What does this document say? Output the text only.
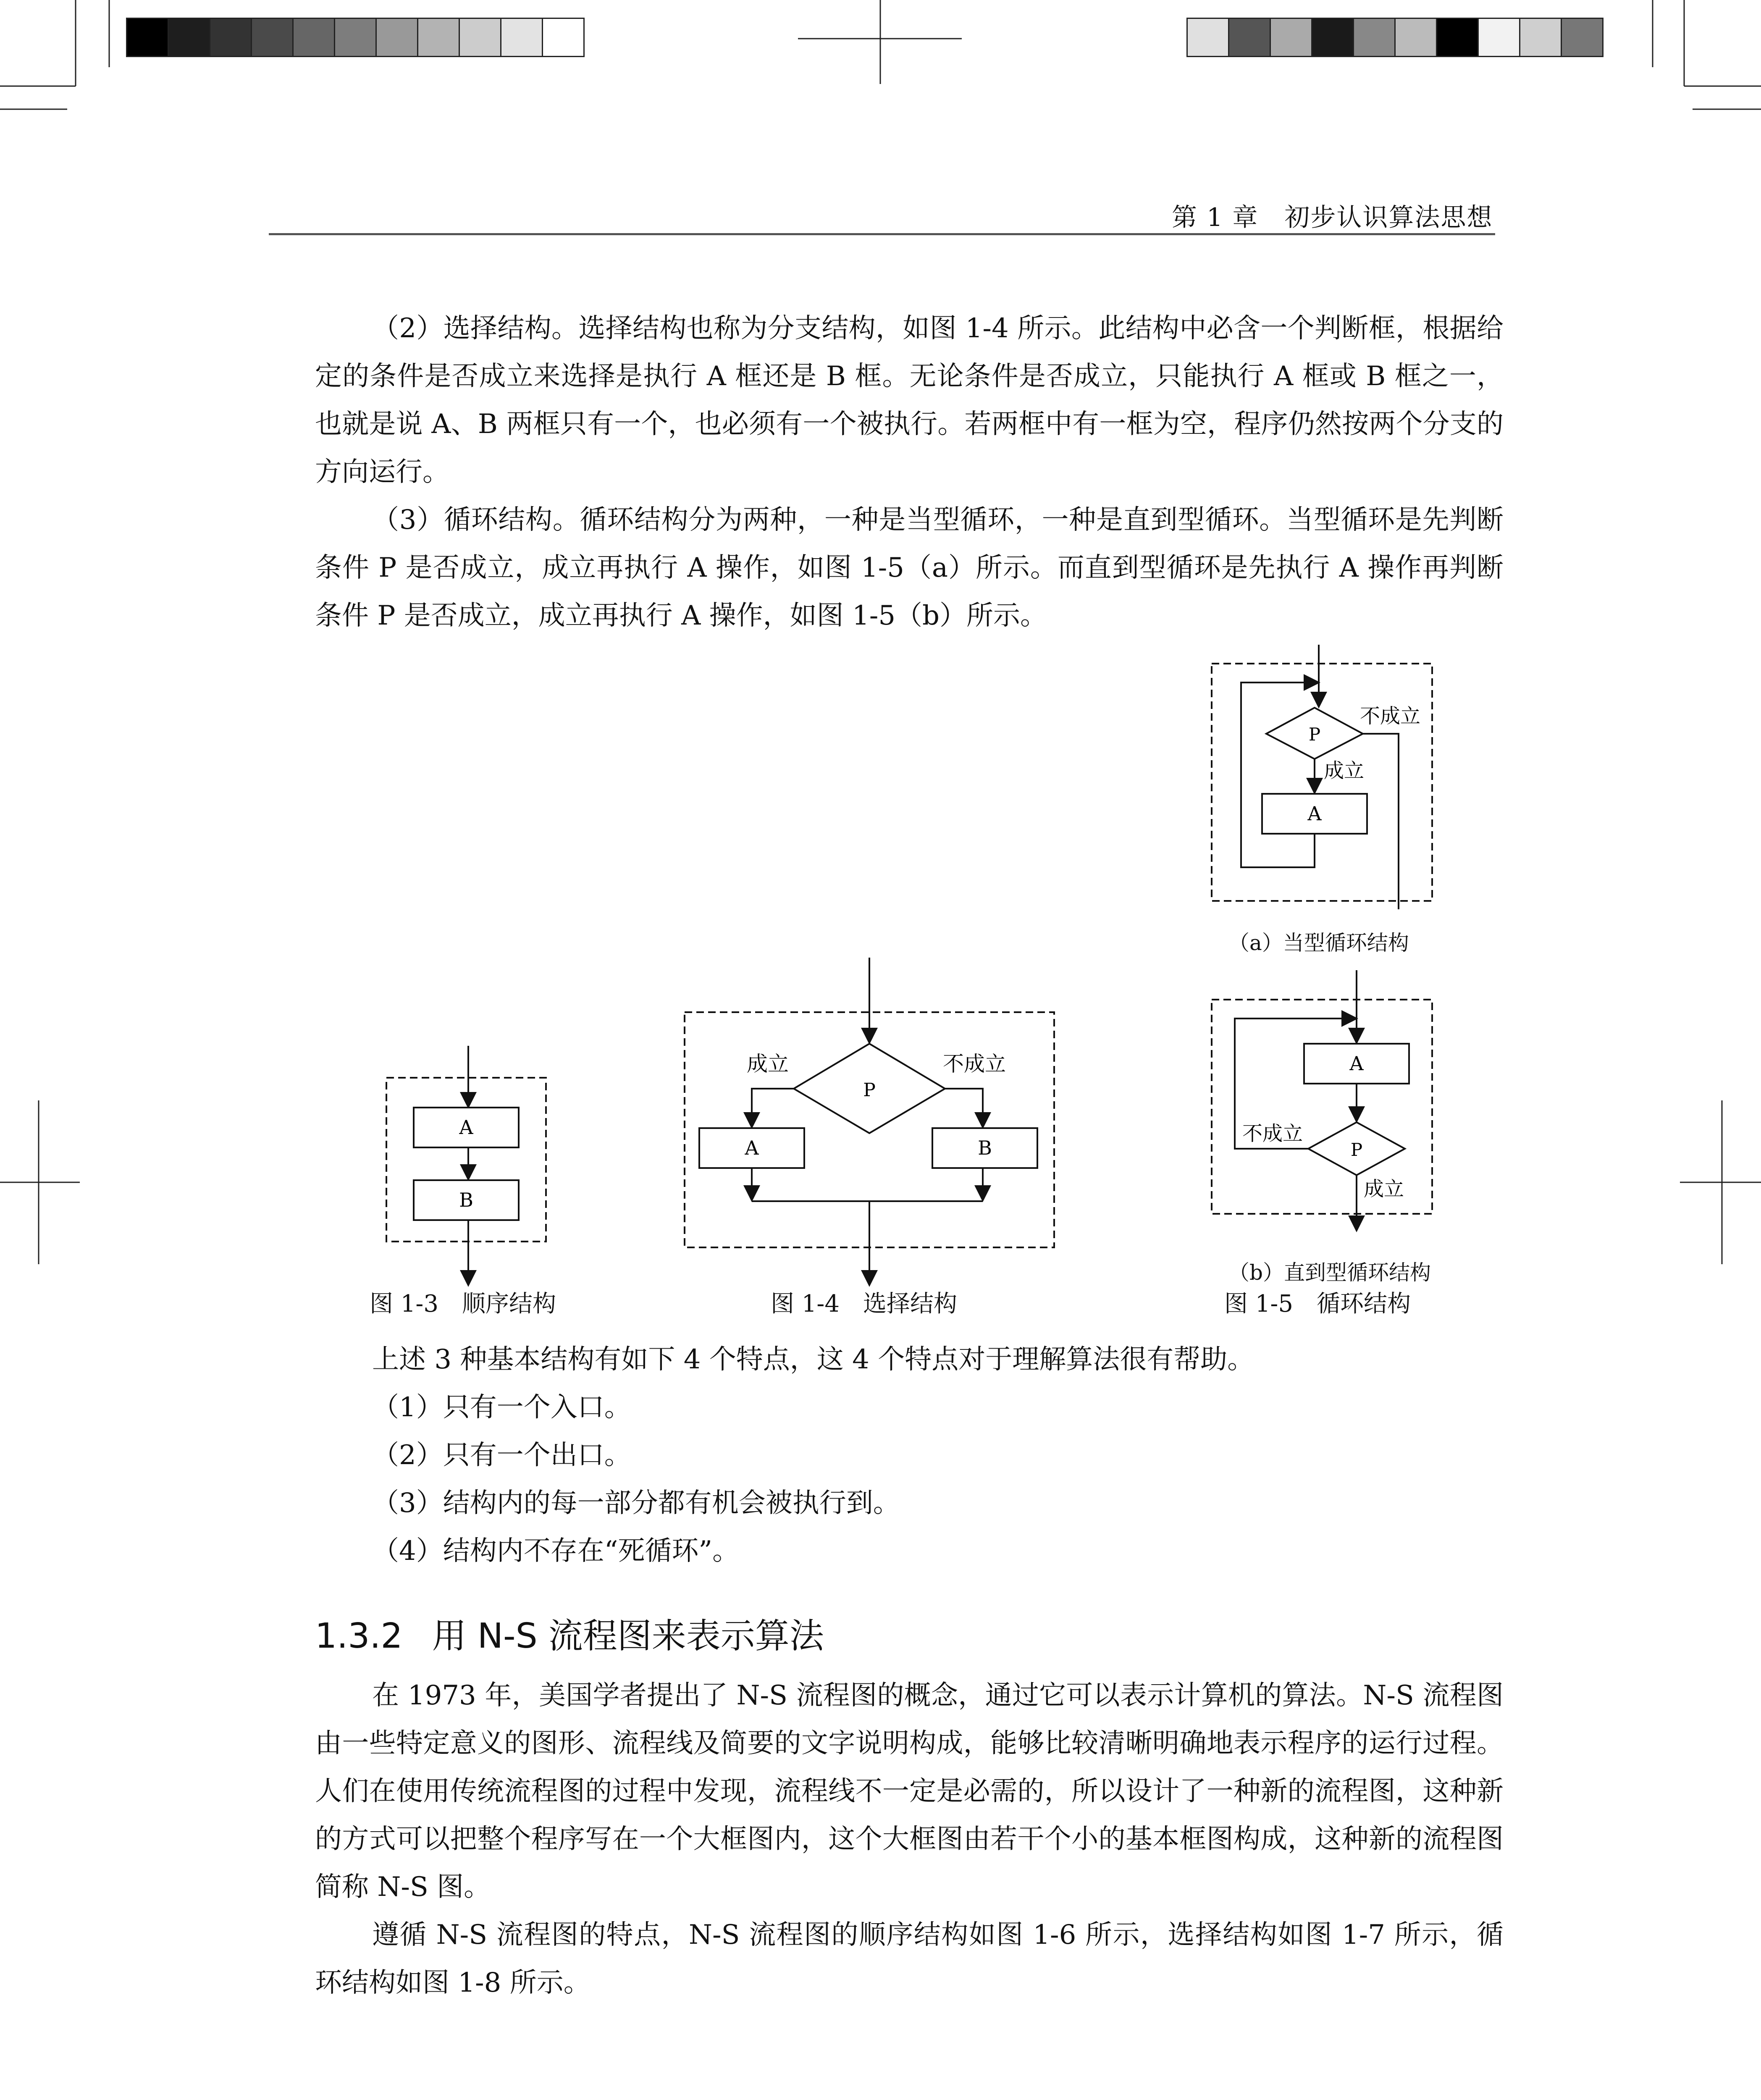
第 1 章　初步认识算法思想

（2）选择结构。选择结构也称为分支结构，如图 1-4 所示。此结构中必含一个判断框，根据给定的条件是否成立来选择是执行 A 框还是 B 框。无论条件是否成立，只能执行 A 框或 B 框之一，也就是说 A、B 两框只有一个，也必须有一个被执行。若两框中有一框为空，程序仍然按两个分支的方向运行。

（3）循环结构。循环结构分为两种，一种是当型循环，一种是直到型循环。当型循环是先判断条件 P 是否成立，成立再执行 A 操作，如图 1-5（a）所示。而直到型循环是先执行 A 操作再判断条件 P 是否成立，成立再执行 A 操作，如图 1-5（b）所示。

A
B
图 1-3　顺序结构
P
成立
A
不成立
B
图 1-4　选择结构
P
不成立
成立
A
（a）当型循环结构
A
P
不成立
成立
（b）直到型循环结构
图 1-5　循环结构

上述 3 种基本结构有如下 4 个特点，这 4 个特点对于理解算法很有帮助。

（1）只有一个入口。

（2）只有一个出口。

（3）结构内的每一部分都有机会被执行到。

（4）结构内不存在“死循环”。

1.3.2 用 N-S 流程图来表示算法

在 1973 年，美国学者提出了 N-S 流程图的概念，通过它可以表示计算机的算法。N-S 流程图由一些特定意义的图形、流程线及简要的文字说明构成，能够比较清晰明确地表示程序的运行过程。人们在使用传统流程图的过程中发现，流程线不一定是必需的，所以设计了一种新的流程图，这种新的方式可以把整个程序写在一个大框图内，这个大框图由若干个小的基本框图构成，这种新的流程图简称 N-S 图。

遵循 N-S 流程图的特点，N-S 流程图的顺序结构如图 1-6 所示，选择结构如图 1-7 所示，循环结构如图 1-8 所示。
